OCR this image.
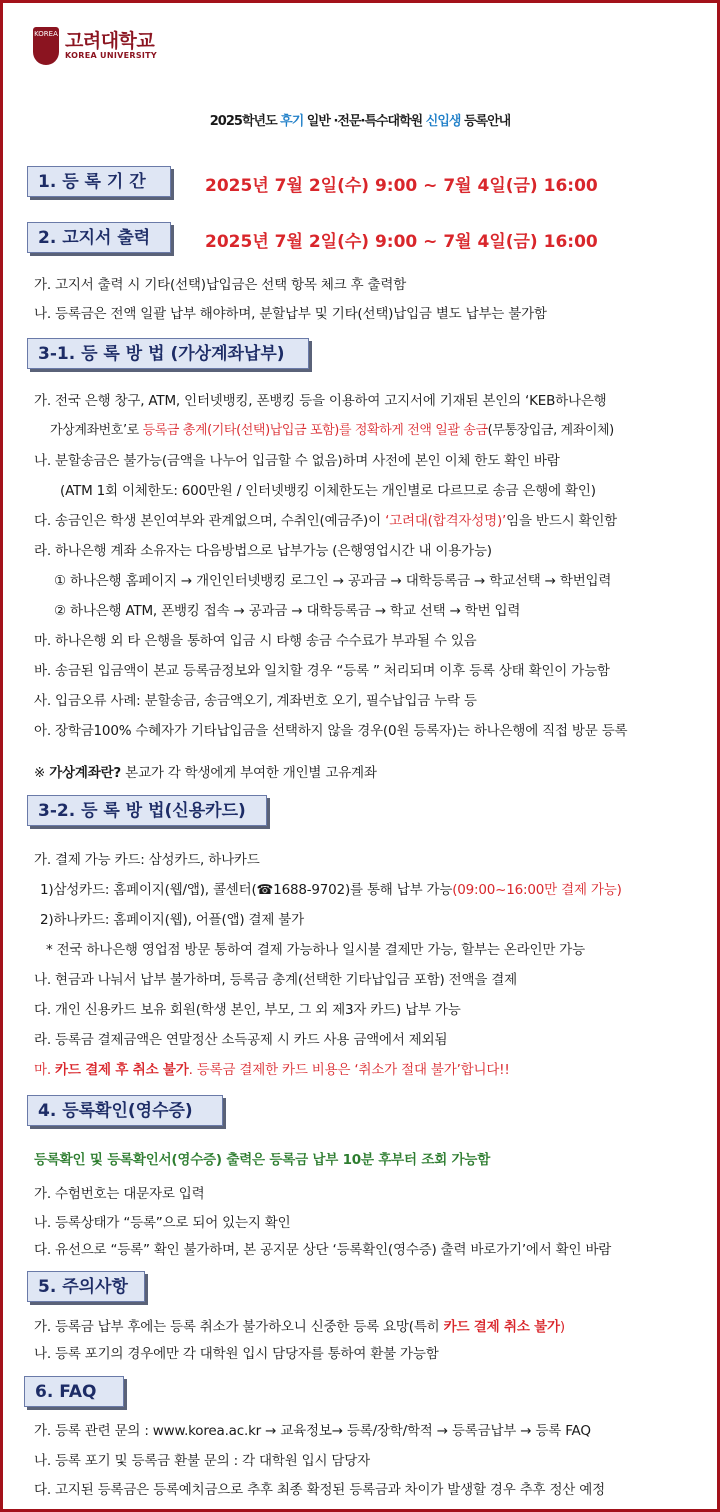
KOREA 고려대학교
KOREA UNIVERSITY
2025학년도 후기 일반 ·전문·특수대학원 신입생 등록안내
1. 등 록 기 간	2025년 7월 2일(수) 9:00 ~ 7월 4일(금) 16:00
2. 고지서 출력	2025년 7월 2일(수) 9:00 ~ 7월 4일(금) 16:00
가. 고지서 출력 시 기타(선택)납입금은 선택 항목 체크 후 출력함
나. 등록금은 전액 일괄 납부 해야하며, 분할납부 및 기타(선택)납입금 별도 납부는 불가함
3-1. 등 록 방 법 (가상계좌납부)
가. 전국 은행 창구, ATM, 인터넷뱅킹, 폰뱅킹 등을 이용하여 고지서에 기재된 본인의 ‘KEB하나은행
가상계좌번호’로 등록금 총계(기타(선택)납입금 포함)를 정확하게 전액 일괄 송금(무통장입금, 계좌이체)
나. 분할송금은 불가능(금액을 나누어 입금할 수 없음)하며 사전에 본인 이체 한도 확인 바람
(ATM 1회 이체한도: 600만원 / 인터넷뱅킹 이체한도는 개인별로 다르므로 송금 은행에 확인)
다. 송금인은 학생 본인여부와 관계없으며, 수취인(예금주)이 ‘고려대(합격자성명)’임을 반드시 확인함
라. 하나은행 계좌 소유자는 다음방법으로 납부가능 (은행영업시간 내 이용가능)
① 하나은행 홈페이지 → 개인인터넷뱅킹 로그인 → 공과금 → 대학등록금 → 학교선택 → 학번입력
② 하나은행 ATM, 폰뱅킹 접속 → 공과금 → 대학등록금 → 학교 선택 → 학번 입력
마. 하나은행 외 타 은행을 통하여 입금 시 타행 송금 수수료가 부과될 수 있음
바. 송금된 입금액이 본교 등록금정보와 일치할 경우 “등록 ” 처리되며 이후 등록 상태 확인이 가능함
사. 입금오류 사례: 분할송금, 송금액오기, 계좌번호 오기, 필수납입금 누락 등
아. 장학금100% 수혜자가 기타납입금을 선택하지 않을 경우(0원 등록자)는 하나은행에 직접 방문 등록
※ 가상계좌란? 본교가 각 학생에게 부여한 개인별 고유계좌
3-2. 등 록 방 법(신용카드)
가. 결제 가능 카드: 삼성카드, 하나카드
1)삼성카드: 홈페이지(웹/앱), 콜센터(☎1688-9702)를 통해 납부 가능(09:00~16:00만 결제 가능)
2)하나카드: 홈페이지(웹), 어플(앱) 결제 불가
* 전국 하나은행 영업점 방문 통하여 결제 가능하나 일시불 결제만 가능, 할부는 온라인만 가능
나. 현금과 나눠서 납부 불가하며, 등록금 총계(선택한 기타납입금 포함) 전액을 결제
다. 개인 신용카드 보유 회원(학생 본인, 부모, 그 외 제3자 카드) 납부 가능
라. 등록금 결제금액은 연말정산 소득공제 시 카드 사용 금액에서 제외됨
마. 카드 결제 후 취소 불가. 등록금 결제한 카드 비용은 ‘취소가 절대 불가’합니다!!
4. 등록확인(영수증)
등록확인 및 등록확인서(영수증) 출력은 등록금 납부 10분 후부터 조회 가능함
가. 수험번호는 대문자로 입력
나. 등록상태가 “등록”으로 되어 있는지 확인
다. 유선으로 “등록” 확인 불가하며, 본 공지문 상단 ‘등록확인(영수증) 출력 바로가기’에서 확인 바람
5. 주의사항
가. 등록금 납부 후에는 등록 취소가 불가하오니 신중한 등록 요망(특히 카드 결제 취소 불가)
나. 등록 포기의 경우에만 각 대학원 입시 담당자를 통하여 환불 가능함
6. FAQ
가. 등록 관련 문의 : www.korea.ac.kr → 교육정보→ 등록/장학/학적 → 등록금납부 → 등록 FAQ
나. 등록 포기 및 등록금 환불 문의 : 각 대학원 입시 담당자
다. 고지된 등록금은 등록예치금으로 추후 최종 확정된 등록금과 차이가 발생할 경우 추후 정산 예정
